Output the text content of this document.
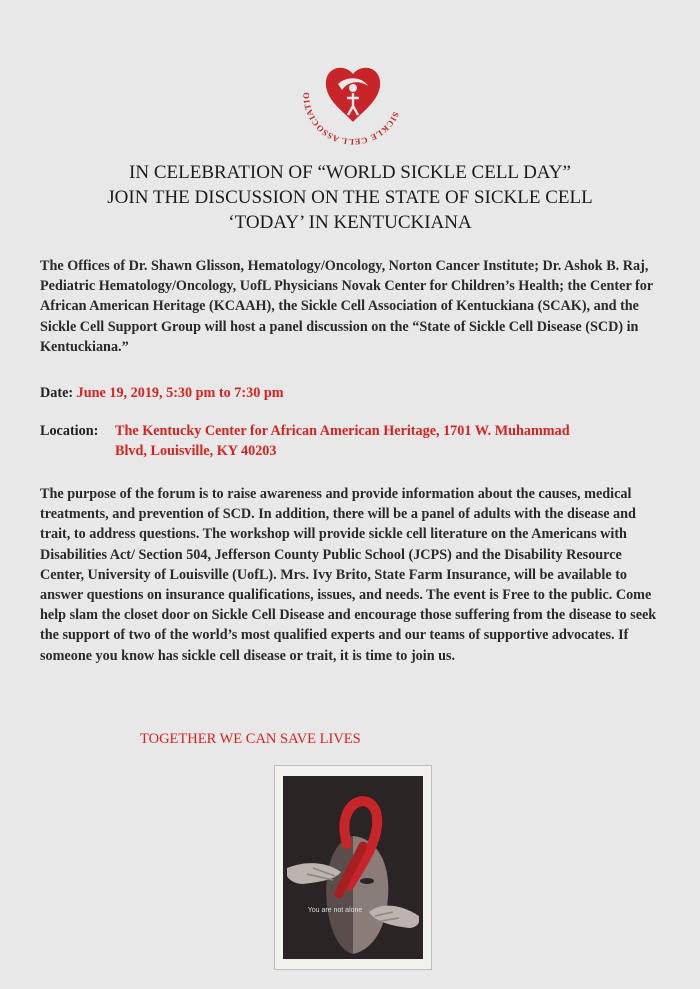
SICKLE CELL ASSOCIATIO
IN CELEBRATION OF “WORLD SICKLE CELL DAY”
JOIN THE DISCUSSION ON THE STATE OF SICKLE CELL
‘TODAY’ IN KENTUCKIANA
The Offices of Dr. Shawn Glisson, Hematology/Oncology, Norton Cancer Institute; Dr. Ashok B. Raj, Pediatric Hematology/Oncology, UofL Physicians Novak Center for Children’s Health; the Center for African American Heritage (KCAAH), the Sickle Cell Association of Kentuckiana (SCAK), and the Sickle Cell Support Group will host a panel discussion on the “State of Sickle Cell Disease (SCD) in Kentuckiana.”
Date: June 19, 2019, 5:30 pm to 7:30 pm
Location: The Kentucky Center for African American Heritage, 1701 W. Muhammad
Blvd, Louisville, KY 40203
The purpose of the forum is to raise awareness and provide information about the causes, medical treatments, and prevention of SCD. In addition, there will be a panel of adults with the disease and trait, to address questions. The workshop will provide sickle cell literature on the Americans with Disabilities Act/ Section 504, Jefferson County Public School (JCPS) and the Disability Resource Center, University of Louisville (UofL). Mrs. Ivy Brito, State Farm Insurance, will be available to answer questions on insurance qualifications, issues, and needs. The event is Free to the public. Come help slam the closet door on Sickle Cell Disease and encourage those suffering from the disease to seek the support of two of the world’s most qualified experts and our teams of supportive advocates. If someone you know has sickle cell disease or trait, it is time to join us.
TOGETHER WE CAN SAVE LIVES
You are not alone
